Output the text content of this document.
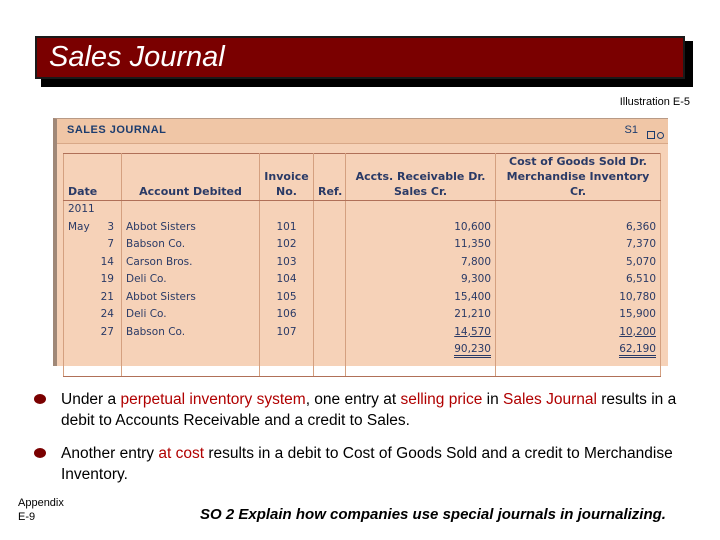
Sales Journal
Illustration E-5
SALES JOURNAL	S1
Date	Account Debited	Invoice No.	Ref.	Accts. Receivable Dr. Sales Cr.	Cost of Goods Sold Dr. Merchandise Inventory Cr.
2011					
May 3	Abbot Sisters	101		10,600	6,360
7	Babson Co.	102		11,350	7,370
14	Carson Bros.	103		7,800	5,070
19	Deli Co.	104		9,300	6,510
21	Abbot Sisters	105		15,400	10,780
24	Deli Co.	106		21,210	15,900
27	Babson Co.	107		14,570	10,200
				90,230	62,190

Under a perpetual inventory system, one entry at selling price in Sales Journal results in a debit to Accounts Receivable and a credit to Sales.
Another entry at cost results in a debit to Cost of Goods Sold and a credit to Merchandise Inventory.
Appendix
E-9	SO 2 Explain how companies use special journals in journalizing.
